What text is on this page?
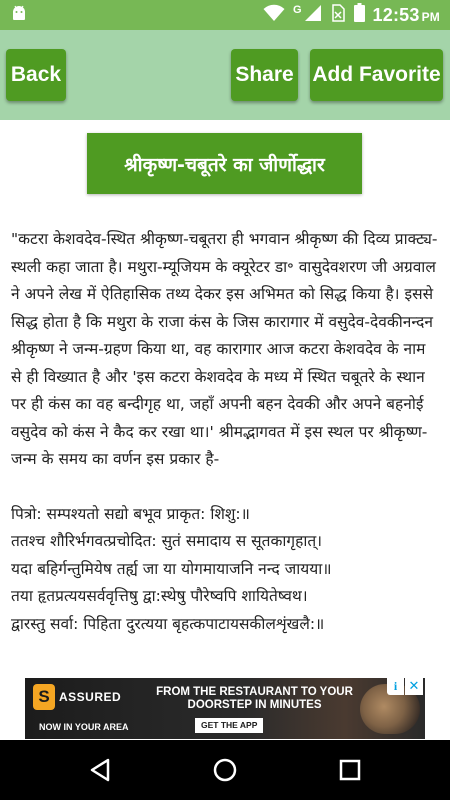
G	12:53 PM
Back	Share Add Favorite
श्रीकृष्ण-चबूतरे का जीर्णोद्धार

"कटरा केशवदेव-स्थित श्रीकृष्ण-चबूतरा ही भगवान श्रीकृष्ण की दिव्य प्राक्ट्य-स्थली कहा जाता है। मथुरा-म्यूजियम के क्यूरेटर डा॰ वासुदेवशरण जी अग्रवाल ने अपने लेख में ऐतिहासिक तथ्य देकर इस अभिमत को सिद्ध किया है। इससे सिद्ध होता है कि मथुरा के राजा कंस के जिस कारागार में वसुदेव-देवकीनन्दन श्रीकृष्ण ने जन्म-ग्रहण किया था, वह कारागार आज कटरा केशवदेव के नाम से ही विख्यात है और 'इस कटरा केशवदेव के मध्य में स्थित चबूतरे के स्थान पर ही कंस का वह बन्दीगृह था, जहाँ अपनी बहन देवकी और अपने बहनोई वसुदेव को कंस ने कैद कर रखा था।' श्रीमद्भागवत में इस स्थल पर श्रीकृष्ण-जन्म के समय का वर्णन इस प्रकार है-

पित्रो: सम्पश्यतो सद्यो बभूव प्राकृत: शिशु:॥

ततश्च शौरिर्भगवत्प्रचोदित: सुतं समादाय स सूतकागृहात्।

यदा बहिर्गन्तुमियेष तर्ह्य जा या योगमायाजनि नन्द जायया॥

तया हृतप्रत्ययसर्ववृत्तिषु द्वा:स्थेषु पौरेष्वपि शायितेष्वथ।

द्वारस्तु सर्वा: पिहिता दुरत्यया बृहत्कपाटायसकीलशृंखलै:॥

S ASSURED
NOW IN YOUR AREA
FROM THE RESTAURANT TO YOUR DOORSTEP IN MINUTES
GET THE APP
i ✕
